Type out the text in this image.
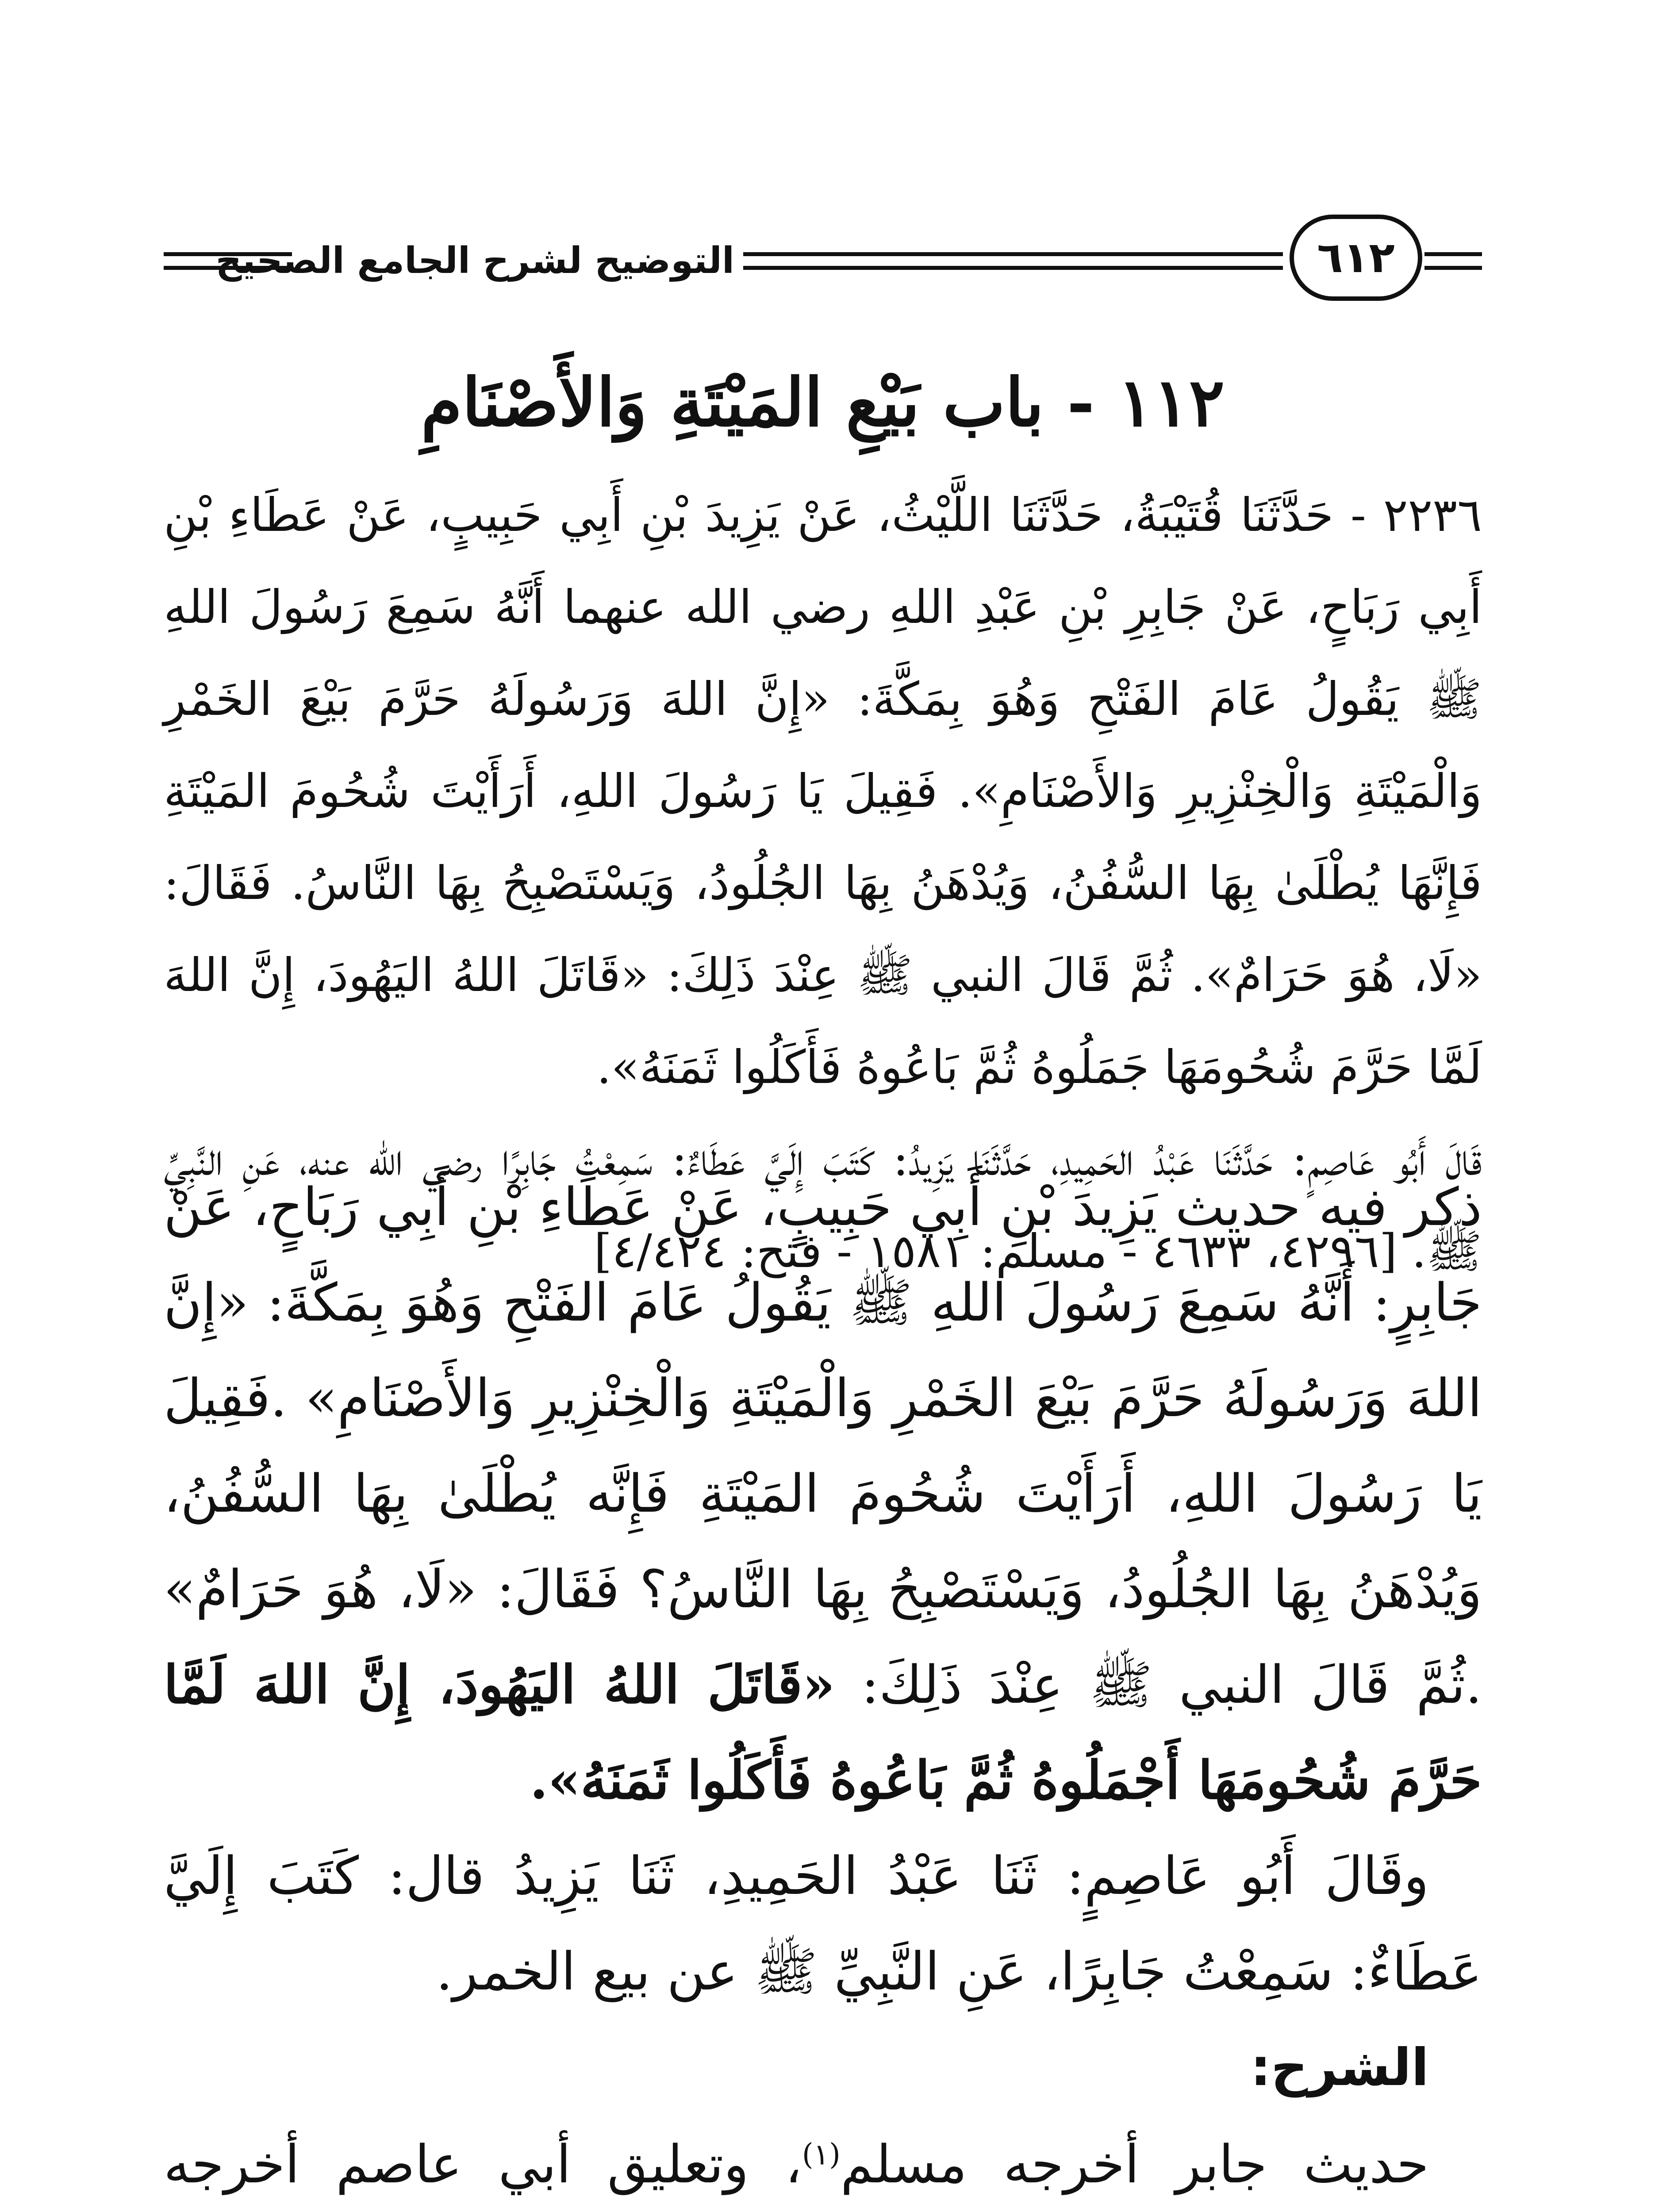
التوضيح لشرح الجامع الصحيح	٦١٢
١١٢ - باب بَيْعِ المَيْتَةِ وَالأَصْنَامِ

٢٢٣٦ - حَدَّثَنَا قُتَيْبَةُ، حَدَّثَنَا اللَّيْثُ، عَنْ يَزِيدَ بْنِ أَبِي حَبِيبٍ، عَنْ عَطَاءِ بْنِ أَبِي رَبَاحٍ، عَنْ جَابِرِ بْنِ عَبْدِ اللهِ رضي الله عنهما أَنَّهُ سَمِعَ رَسُولَ اللهِ ﷺ يَقُولُ عَامَ الفَتْحِ وَهُوَ بِمَكَّةَ: «إِنَّ اللهَ وَرَسُولَهُ حَرَّمَ بَيْعَ الخَمْرِ وَالْمَيْتَةِ وَالْخِنْزِيرِ وَالأَصْنَامِ». فَقِيلَ يَا رَسُولَ اللهِ، أَرَأَيْتَ شُحُومَ المَيْتَةِ فَإِنَّهَا يُطْلَىٰ بِهَا السُّفُنُ، وَيُدْهَنُ بِهَا الجُلُودُ، وَيَسْتَصْبِحُ بِهَا النَّاسُ. فَقَالَ: «لَا، هُوَ حَرَامٌ». ثُمَّ قَالَ النبي ﷺ عِنْدَ ذَلِكَ: «قَاتَلَ اللهُ اليَهُودَ، إِنَّ اللهَ لَمَّا حَرَّمَ شُحُومَهَا جَمَلُوهُ ثُمَّ بَاعُوهُ فَأَكَلُوا ثَمَنَهُ».

قَالَ أَبُو عَاصِمٍ: حَدَّثَنَا عَبْدُ الحَمِيدِ، حَدَّثَنَا يَزِيدُ: كَتَبَ إِلَيَّ عَطَاءٌ: سَمِعْتُ جَابِرًا رضي الله عنه، عَنِ النَّبِيِّ ﷺ. [٤٢٩٦، ٤٦٣٣ - مسلم: ١٥٨١ - فتح: ٤/٤٢٤]

ذكر فيه حديث يَزِيدَ بْنِ أَبِي حَبِيبٍ، عَنْ عَطَاءِ بْنِ أَبِي رَبَاحٍ، عَنْ جَابِرٍ: أَنَّهُ سَمِعَ رَسُولَ اللهِ ﷺ يَقُولُ عَامَ الفَتْحِ وَهُوَ بِمَكَّةَ: «إِنَّ اللهَ وَرَسُولَهُ حَرَّمَ بَيْعَ الخَمْرِ وَالْمَيْتَةِ وَالْخِنْزِيرِ وَالأَصْنَامِ» .فَقِيلَ يَا رَسُولَ اللهِ، أَرَأَيْتَ شُحُومَ المَيْتَةِ فَإِنَّه يُطْلَىٰ بِهَا السُّفُنُ، وَيُدْهَنُ بِهَا الجُلُودُ، وَيَسْتَصْبِحُ بِهَا النَّاسُ؟ فَقَالَ: «لَا، هُوَ حَرَامٌ» .ثُمَّ قَالَ النبي ﷺ عِنْدَ ذَلِكَ: «قَاتَلَ اللهُ اليَهُودَ، إِنَّ اللهَ لَمَّا حَرَّمَ شُحُومَهَا أَجْمَلُوهُ ثُمَّ بَاعُوهُ فَأَكَلُوا ثَمَنَهُ».

وقَالَ أَبُو عَاصِمٍ: ثَنَا عَبْدُ الحَمِيدِ، ثَنَا يَزِيدُ قال: كَتَبَ إِلَيَّ عَطَاءٌ: سَمِعْتُ جَابِرًا، عَنِ النَّبِيِّ ﷺ عن بيع الخمر.

الشرح:

حديث جابر أخرجه مسلم$^{(١)}$، وتعليق أبي عاصم أخرجه
